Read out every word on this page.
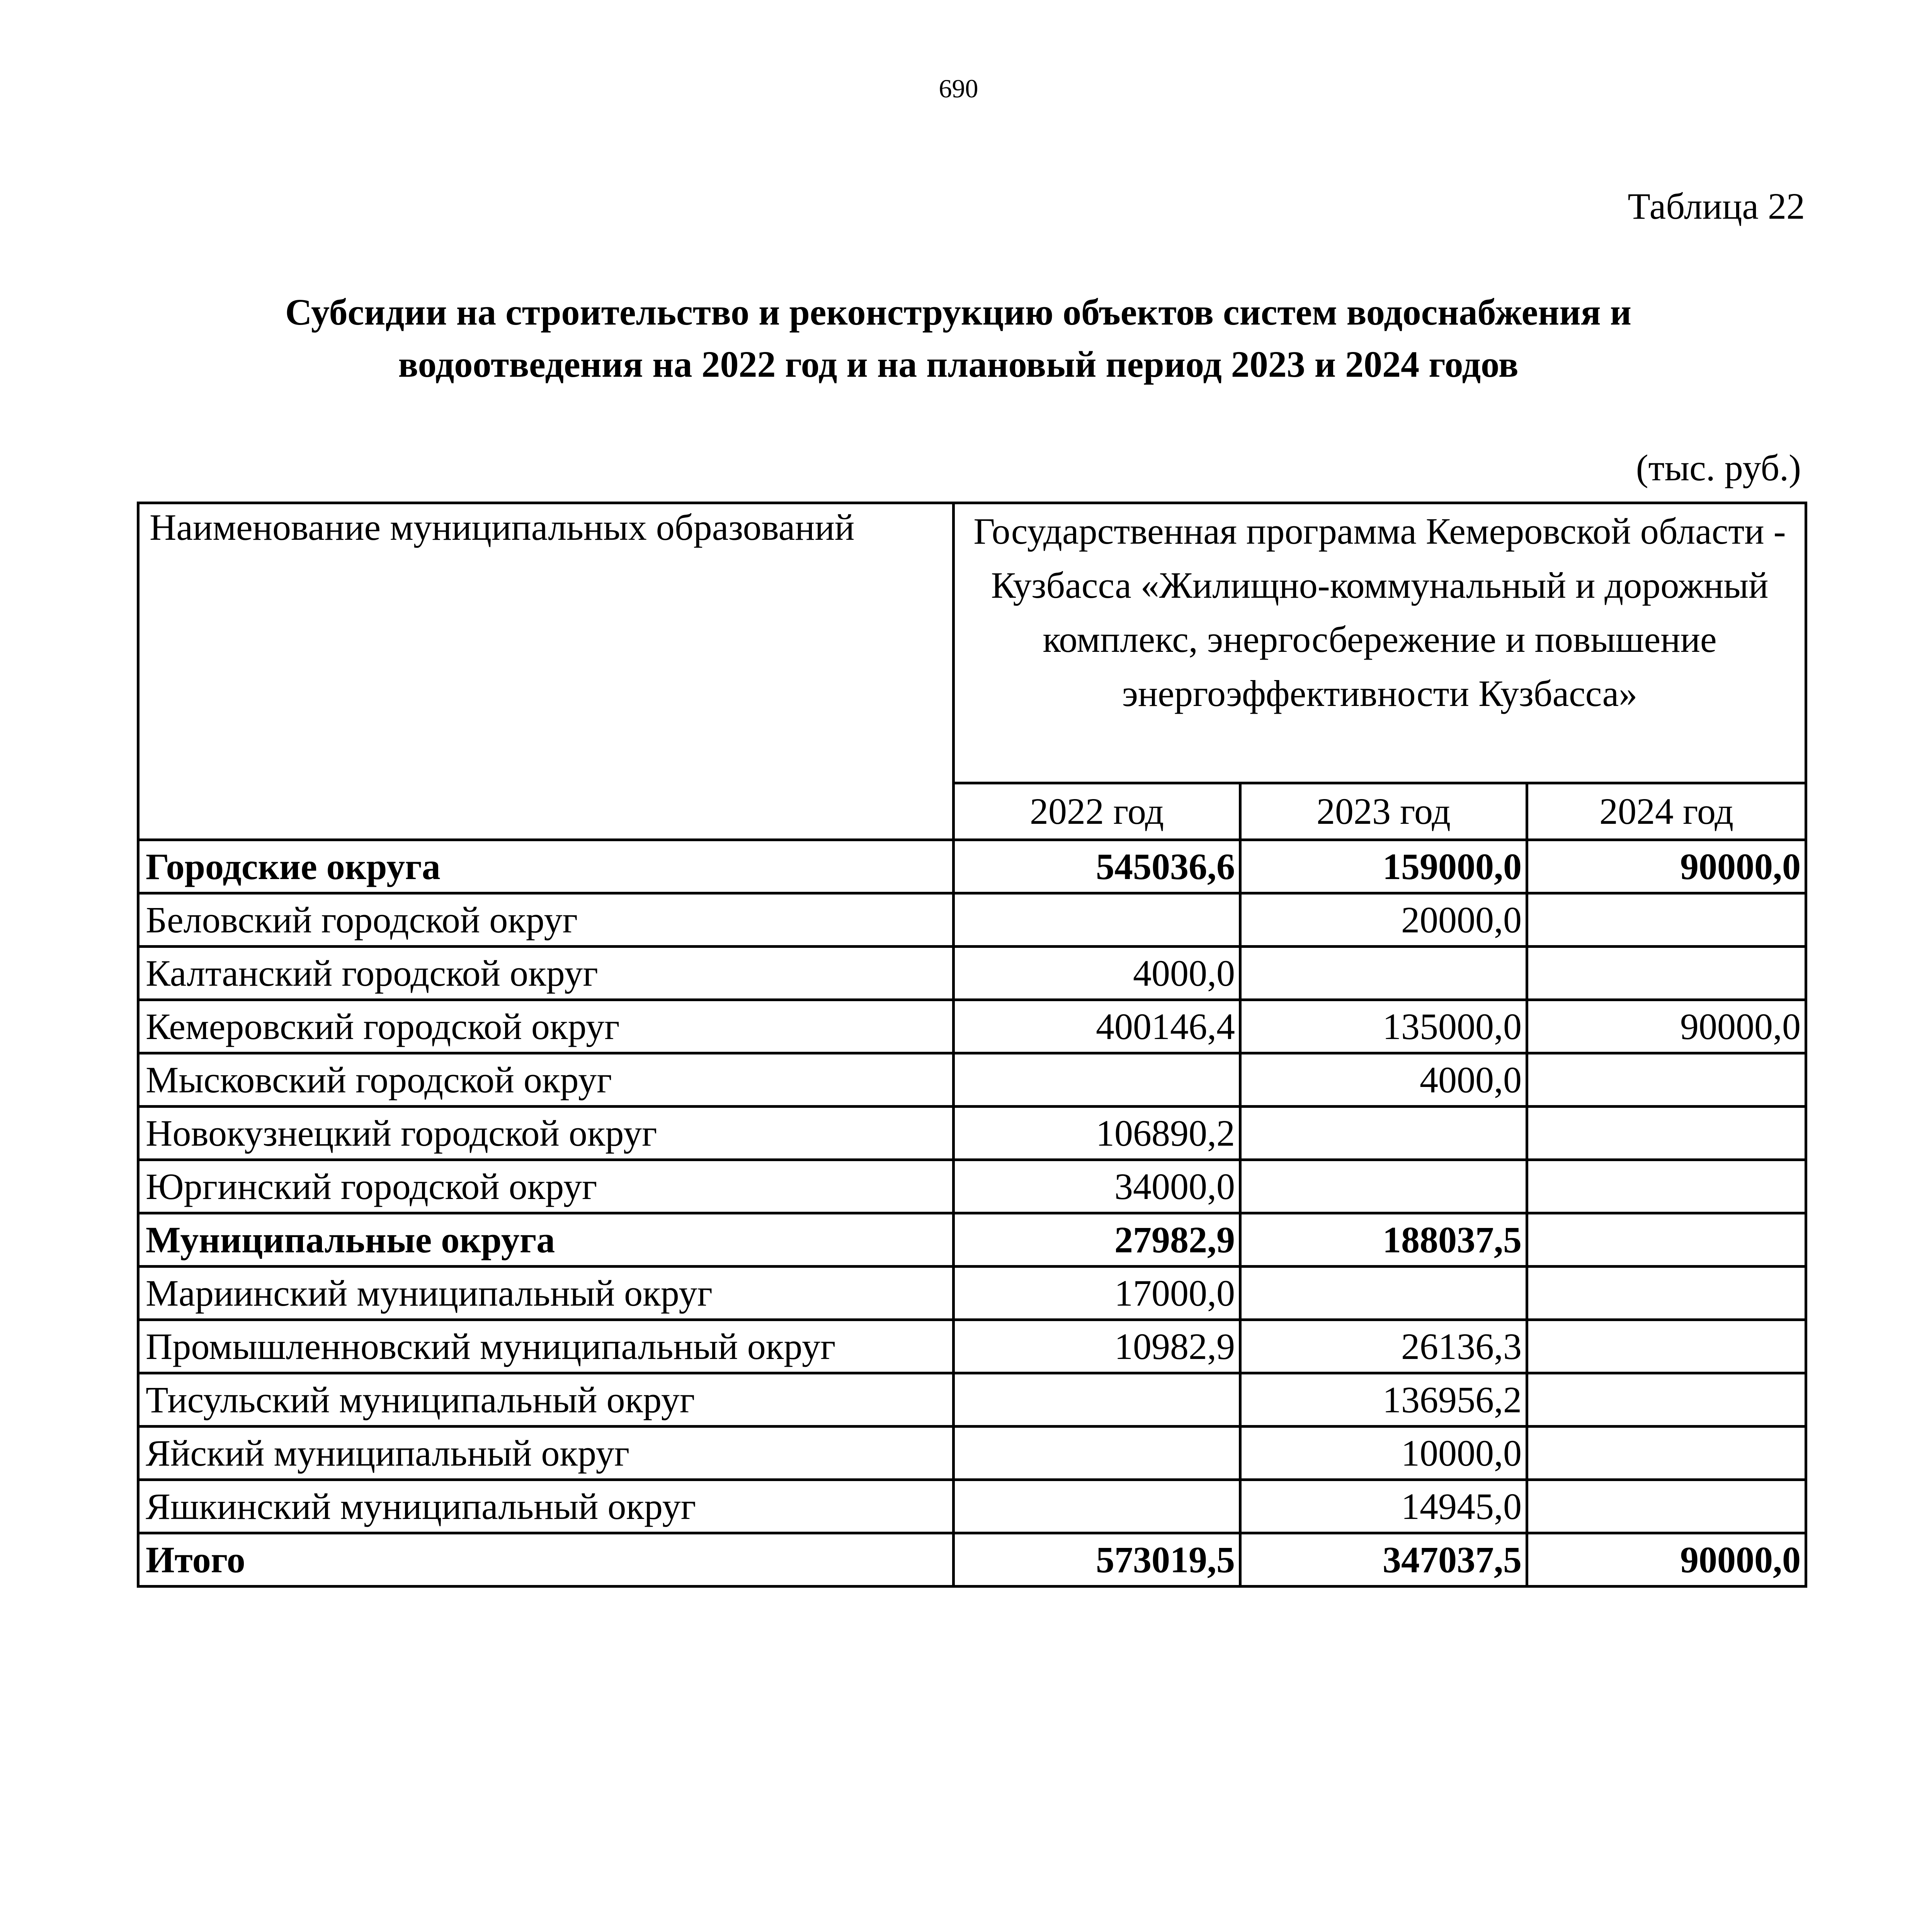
690
Таблица 22
Субсидии на строительство и реконструкцию объектов систем водоснабжения и водоотведения на 2022 год и на плановый период 2023 и 2024 годов
(тыс. руб.)
Наименование муниципальных образований	Государственная программа Кемеровской области - Кузбасса «Жилищно-коммунальный и дорожный комплекс, энергосбережение и повышение энергоэффективности Кузбасса»		
	2022 год	2023 год	2024 год
Городские округа	545036,6	159000,0	90000,0
Беловский городской округ		20000,0	
Калтанский городской округ	4000,0		
Кемеровский городской округ	400146,4	135000,0	90000,0
Мысковский городской округ		4000,0	
Новокузнецкий городской округ	106890,2		
Юргинский городской округ	34000,0		
Муниципальные округа	27982,9	188037,5	
Мариинский муниципальный округ	17000,0		
Промышленновский муниципальный округ	10982,9	26136,3	
Тисульский муниципальный округ		136956,2	
Яйский муниципальный округ		10000,0	
Яшкинский муниципальный округ		14945,0	
Итого	573019,5	347037,5	90000,0
